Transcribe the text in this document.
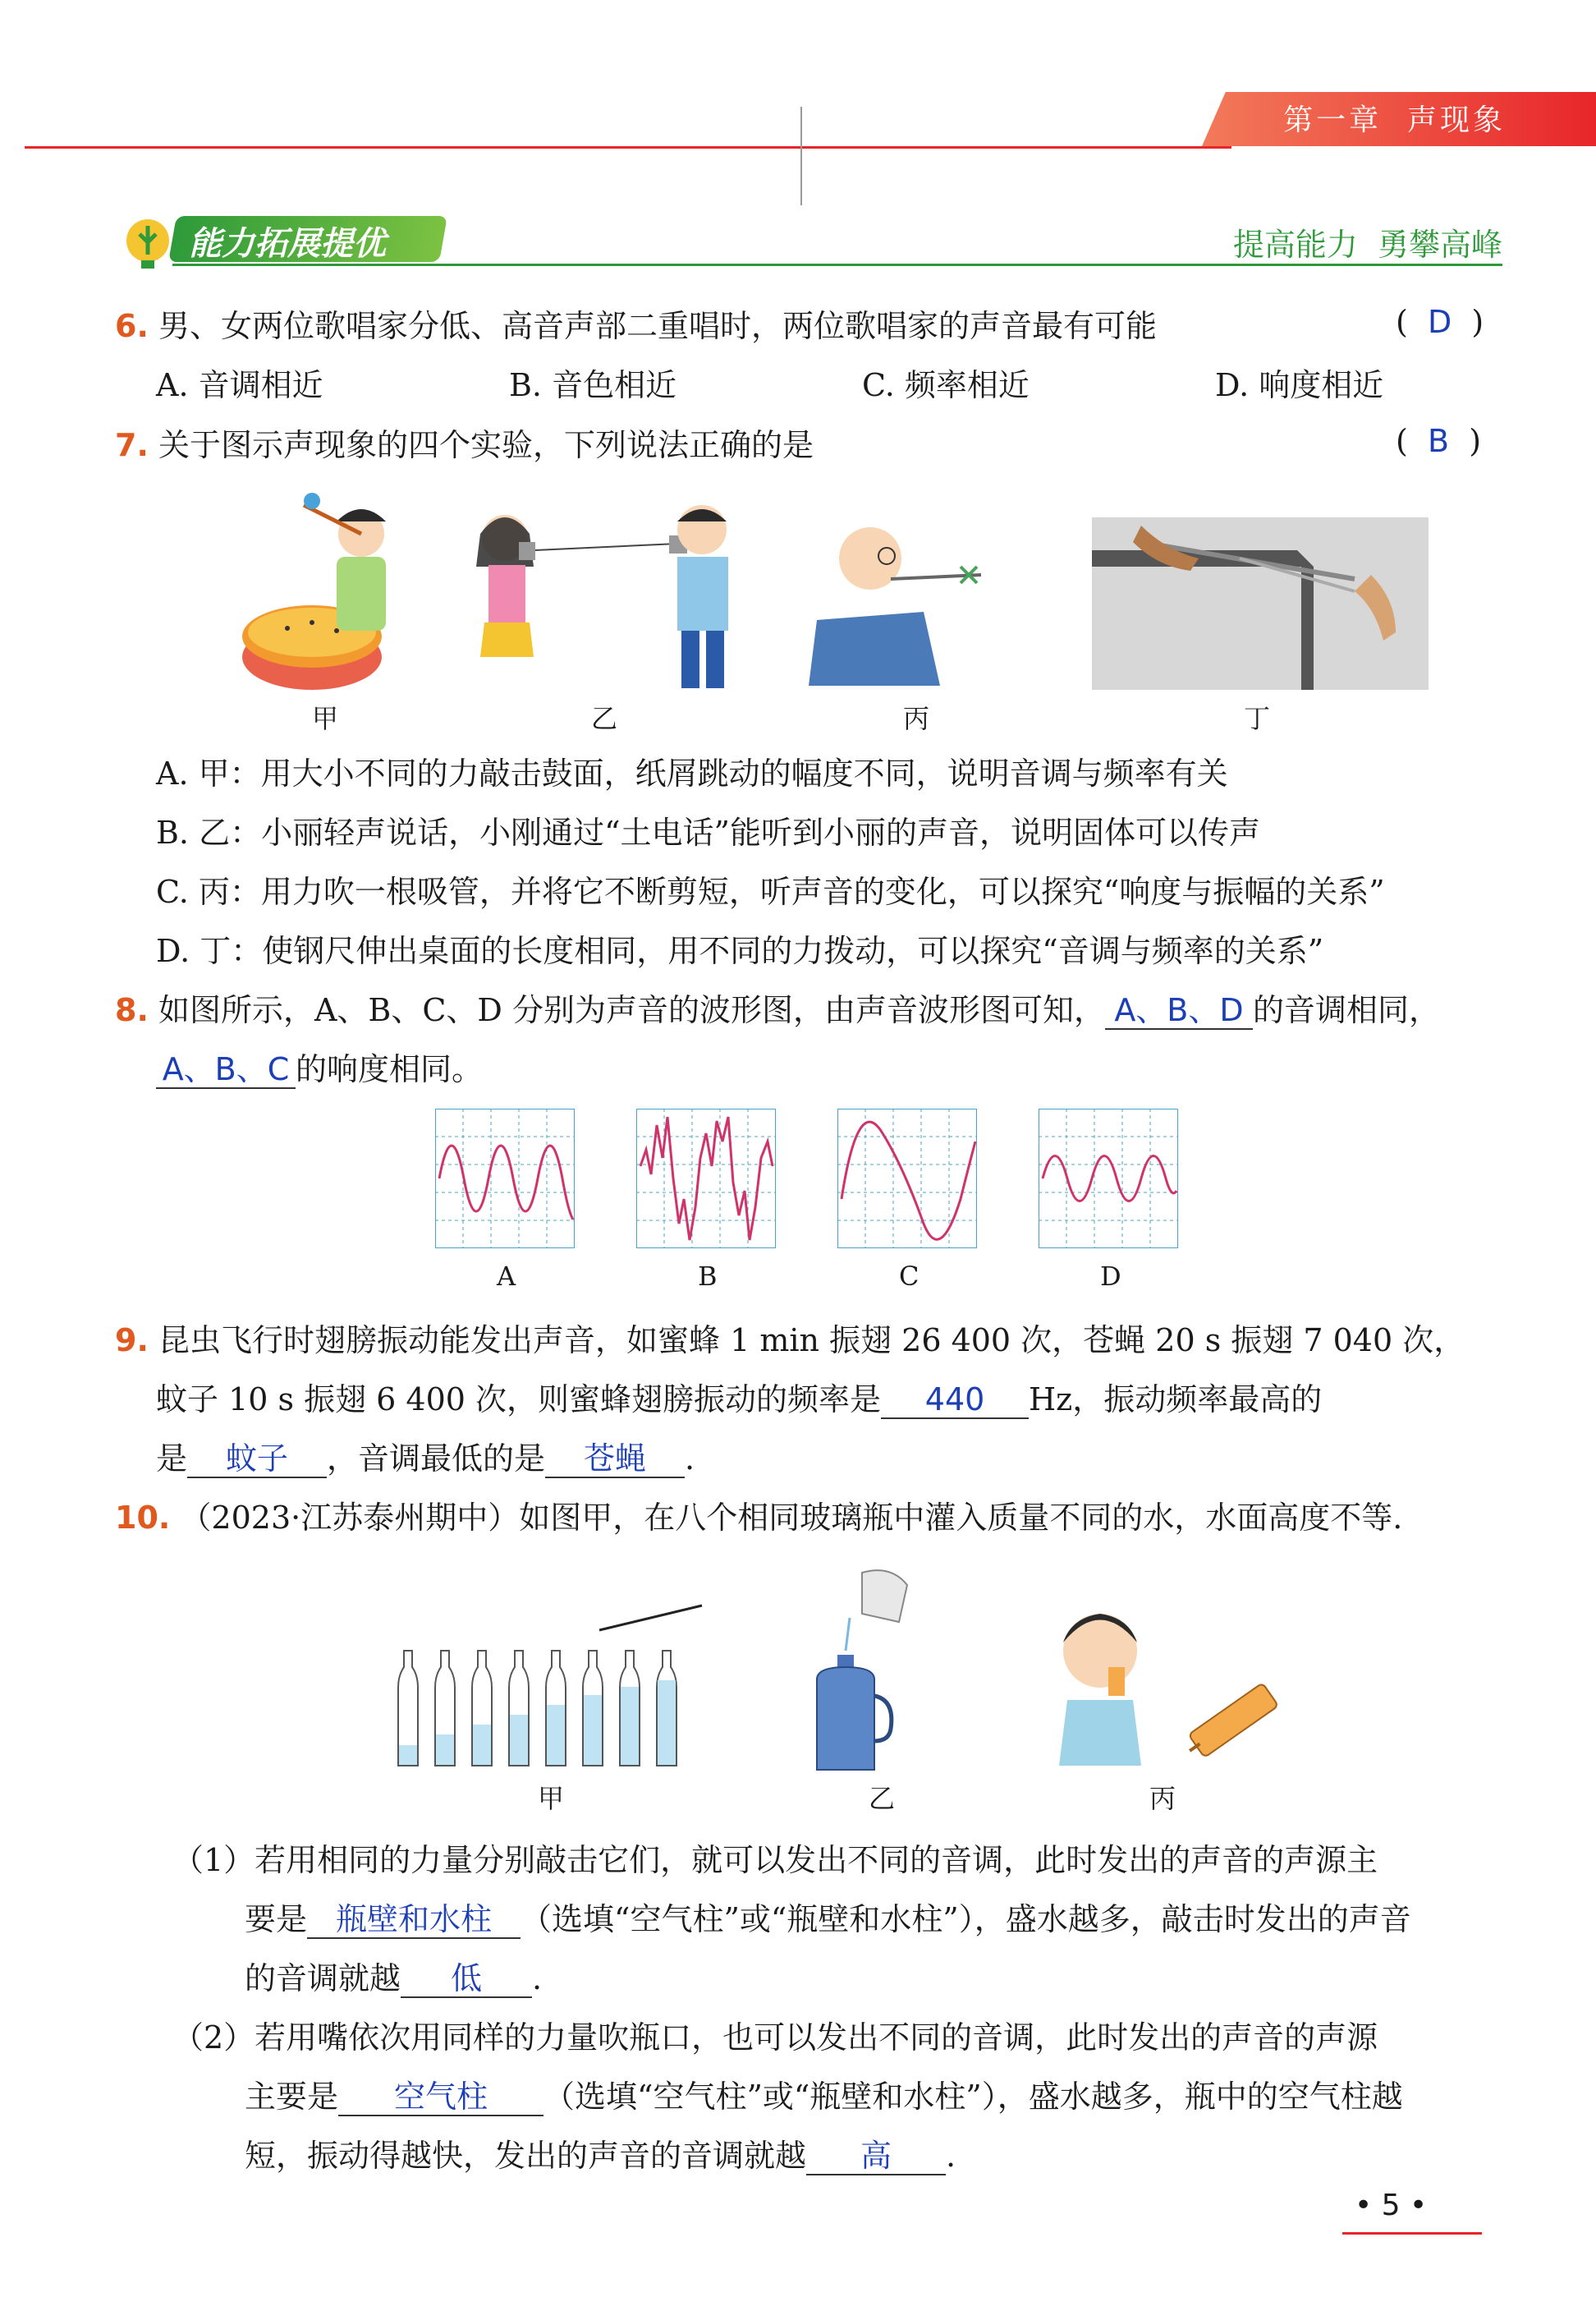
第一章 声现象
能力拓展提优	提高能力  勇攀高峰
6. 男、女两位歌唱家分低、高音声部二重唱时，两位歌唱家的声音最有可能	(  D  )
A. 音调相近	B. 音色相近	C. 频率相近	D. 响度相近
7. 关于图示声现象的四个实验，下列说法正确的是	(  B  )
甲	乙	丙	丁
A. 甲：用大小不同的力敲击鼓面，纸屑跳动的幅度不同，说明音调与频率有关
B. 乙：小丽轻声说话，小刚通过“土电话”能听到小丽的声音，说明固体可以传声
C. 丙：用力吹一根吸管，并将它不断剪短，听声音的变化，可以探究“响度与振幅的关系”
D. 丁：使钢尺伸出桌面的长度相同，用不同的力拨动，可以探究“音调与频率的关系”
8. 如图所示，A、B、C、D 分别为声音的波形图，由声音波形图可知， A、B、D 的音调相同，
A、B、C 的响度相同。
A	B	C	D
9. 昆虫飞行时翅膀振动能发出声音，如蜜蜂 1 min 振翅 26 400 次，苍蝇 20 s 振翅 7 040 次，
蚊子 10 s 振翅 6 400 次，则蜜蜂翅膀振动的频率是 440 Hz，振动频率最高的
是 蚊子 ，音调最低的是 苍蝇 .
10. （2023·江苏泰州期中）如图甲，在八个相同玻璃瓶中灌入质量不同的水，水面高度不等.
甲	乙	丙
（1）若用相同的力量分别敲击它们，就可以发出不同的音调，此时发出的声音的声源主
要是 瓶壁和水柱 （选填“空气柱”或“瓶壁和水柱”），盛水越多，敲击时发出的声音
的音调就越 低 .
（2）若用嘴依次用同样的力量吹瓶口，也可以发出不同的音调，此时发出的声音的声源
主要是 空气柱 （选填“空气柱”或“瓶壁和水柱”），盛水越多，瓶中的空气柱越
短，振动得越快，发出的声音的音调就越 高 .
• 5 •
